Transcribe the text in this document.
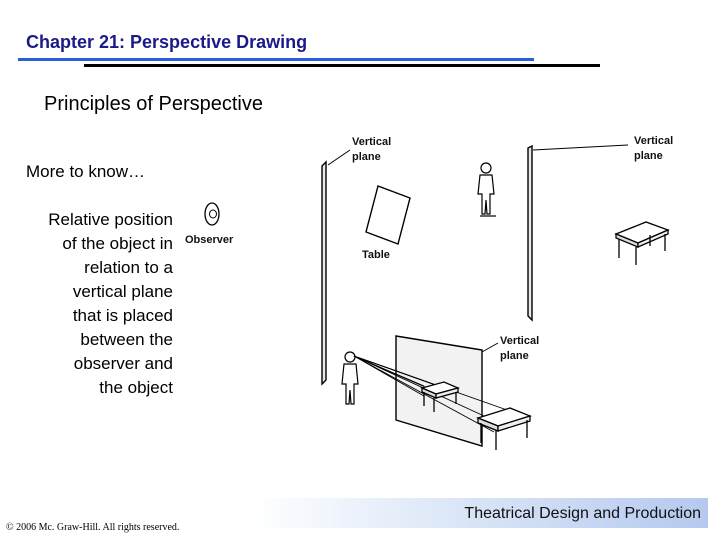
Chapter 21: Perspective Drawing
Principles of Perspective
More to know…
Relative position
of the object in
relation to a
vertical plane
that is placed
between the
observer and
the object
Vertical
plane
Table
Observer
Vertical
plane
Vertical
plane
Theatrical Design and Production
© 2006 Mc. Graw-Hill. All rights reserved.
